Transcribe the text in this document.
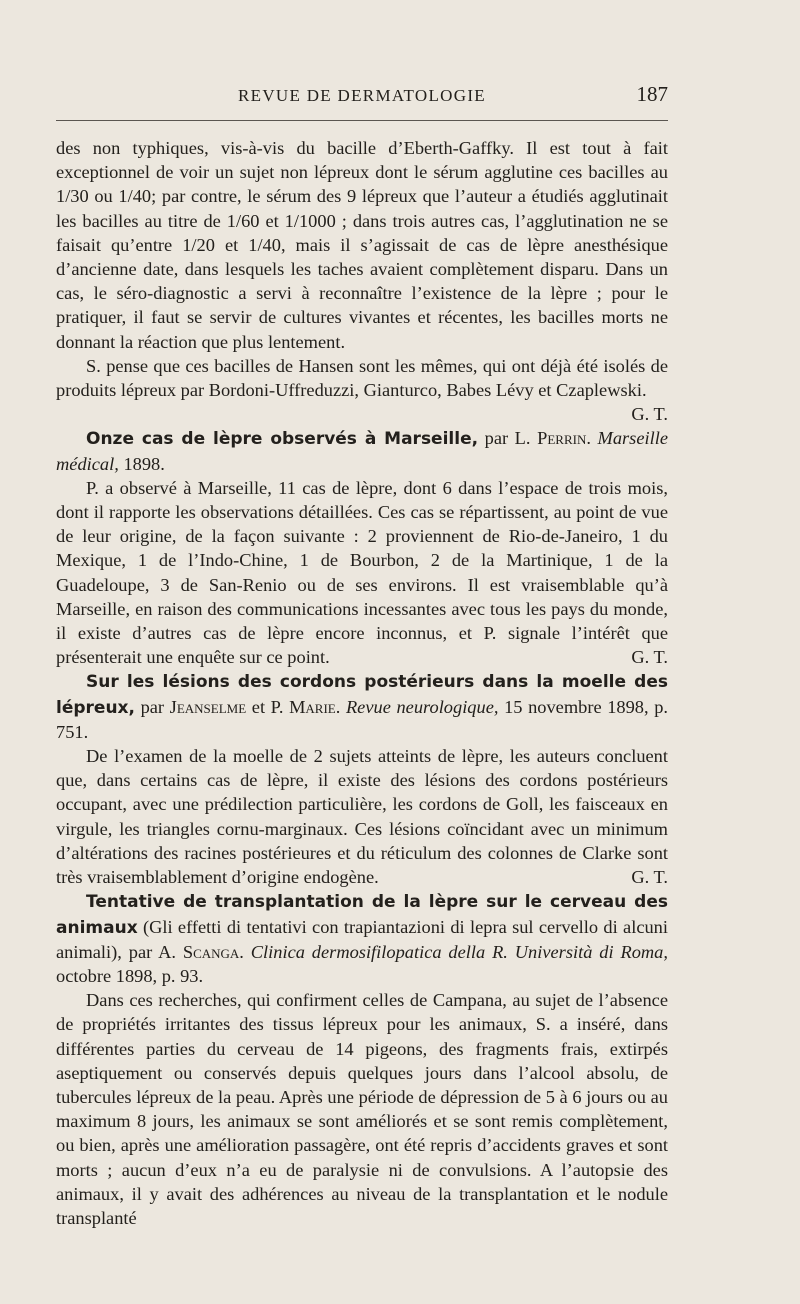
REVUE DE DERMATOLOGIE	187

des non typhiques, vis-à-vis du bacille d’Eberth-Gaffky. Il est tout à fait exceptionnel de voir un sujet non lépreux dont le sérum agglutine ces bacilles au 1/30 ou 1/40; par contre, le sérum des 9 lépreux que l’auteur a étudiés agglutinait les bacilles au titre de 1/60 et 1/1000 ; dans trois autres cas, l’agglutination ne se faisait qu’entre 1/20 et 1/40, mais il s’agissait de cas de lèpre anesthésique d’ancienne date, dans lesquels les taches avaient complètement disparu. Dans un cas, le séro-diagnostic a servi à reconnaître l’existence de la lèpre ; pour le pratiquer, il faut se servir de cultures vivantes et récentes, les bacilles morts ne donnant la réaction que plus lentement.

S. pense que ces bacilles de Hansen sont les mêmes, qui ont déjà été isolés de produits lépreux par Bordoni-Uffreduzzi, Gianturco, Babes Lévy et Czaplewski.
G. T.

Onze cas de lèpre observés à Marseille, par L. Perrin. Marseille médical, 1898.

P. a observé à Marseille, 11 cas de lèpre, dont 6 dans l’espace de trois mois, dont il rapporte les observations détaillées. Ces cas se répartissent, au point de vue de leur origine, de la façon suivante : 2 proviennent de Rio-de-Janeiro, 1 du Mexique, 1 de l’Indo-Chine, 1 de Bourbon, 2 de la Martinique, 1 de la Guadeloupe, 3 de San-Renio ou de ses environs. Il est vraisemblable qu’à Marseille, en raison des communications incessantes avec tous les pays du monde, il existe d’autres cas de lèpre encore inconnus, et P. signale l’intérêt que présenterait une enquête sur ce point.	G. T.

Sur les lésions des cordons postérieurs dans la moelle des lépreux, par Jeanselme et P. Marie. Revue neurologique, 15 novembre 1898, p. 751.

De l’examen de la moelle de 2 sujets atteints de lèpre, les auteurs concluent que, dans certains cas de lèpre, il existe des lésions des cordons postérieurs occupant, avec une prédilection particulière, les cordons de Goll, les faisceaux en virgule, les triangles cornu-marginaux. Ces lésions coïncidant avec un minimum d’altérations des racines postérieures et du réticulum des colonnes de Clarke sont très vraisemblablement d’origine endogène.	G. T.

Tentative de transplantation de la lèpre sur le cerveau des animaux (Gli effetti di tentativi con trapiantazioni di lepra sul cervello di alcuni animali), par A. Scanga. Clinica dermosifilopatica della R. Università di Roma, octobre 1898, p. 93.

Dans ces recherches, qui confirment celles de Campana, au sujet de l’absence de propriétés irritantes des tissus lépreux pour les animaux, S. a inséré, dans différentes parties du cerveau de 14 pigeons, des fragments frais, extirpés aseptiquement ou conservés depuis quelques jours dans l’alcool absolu, de tubercules lépreux de la peau. Après une période de dépression de 5 à 6 jours ou au maximum 8 jours, les animaux se sont améliorés et se sont remis complètement, ou bien, après une amélioration passagère, ont été repris d’accidents graves et sont morts ; aucun d’eux n’a eu de paralysie ni de convulsions. A l’autopsie des animaux, il y avait des adhérences au niveau de la transplantation et le nodule transplanté
